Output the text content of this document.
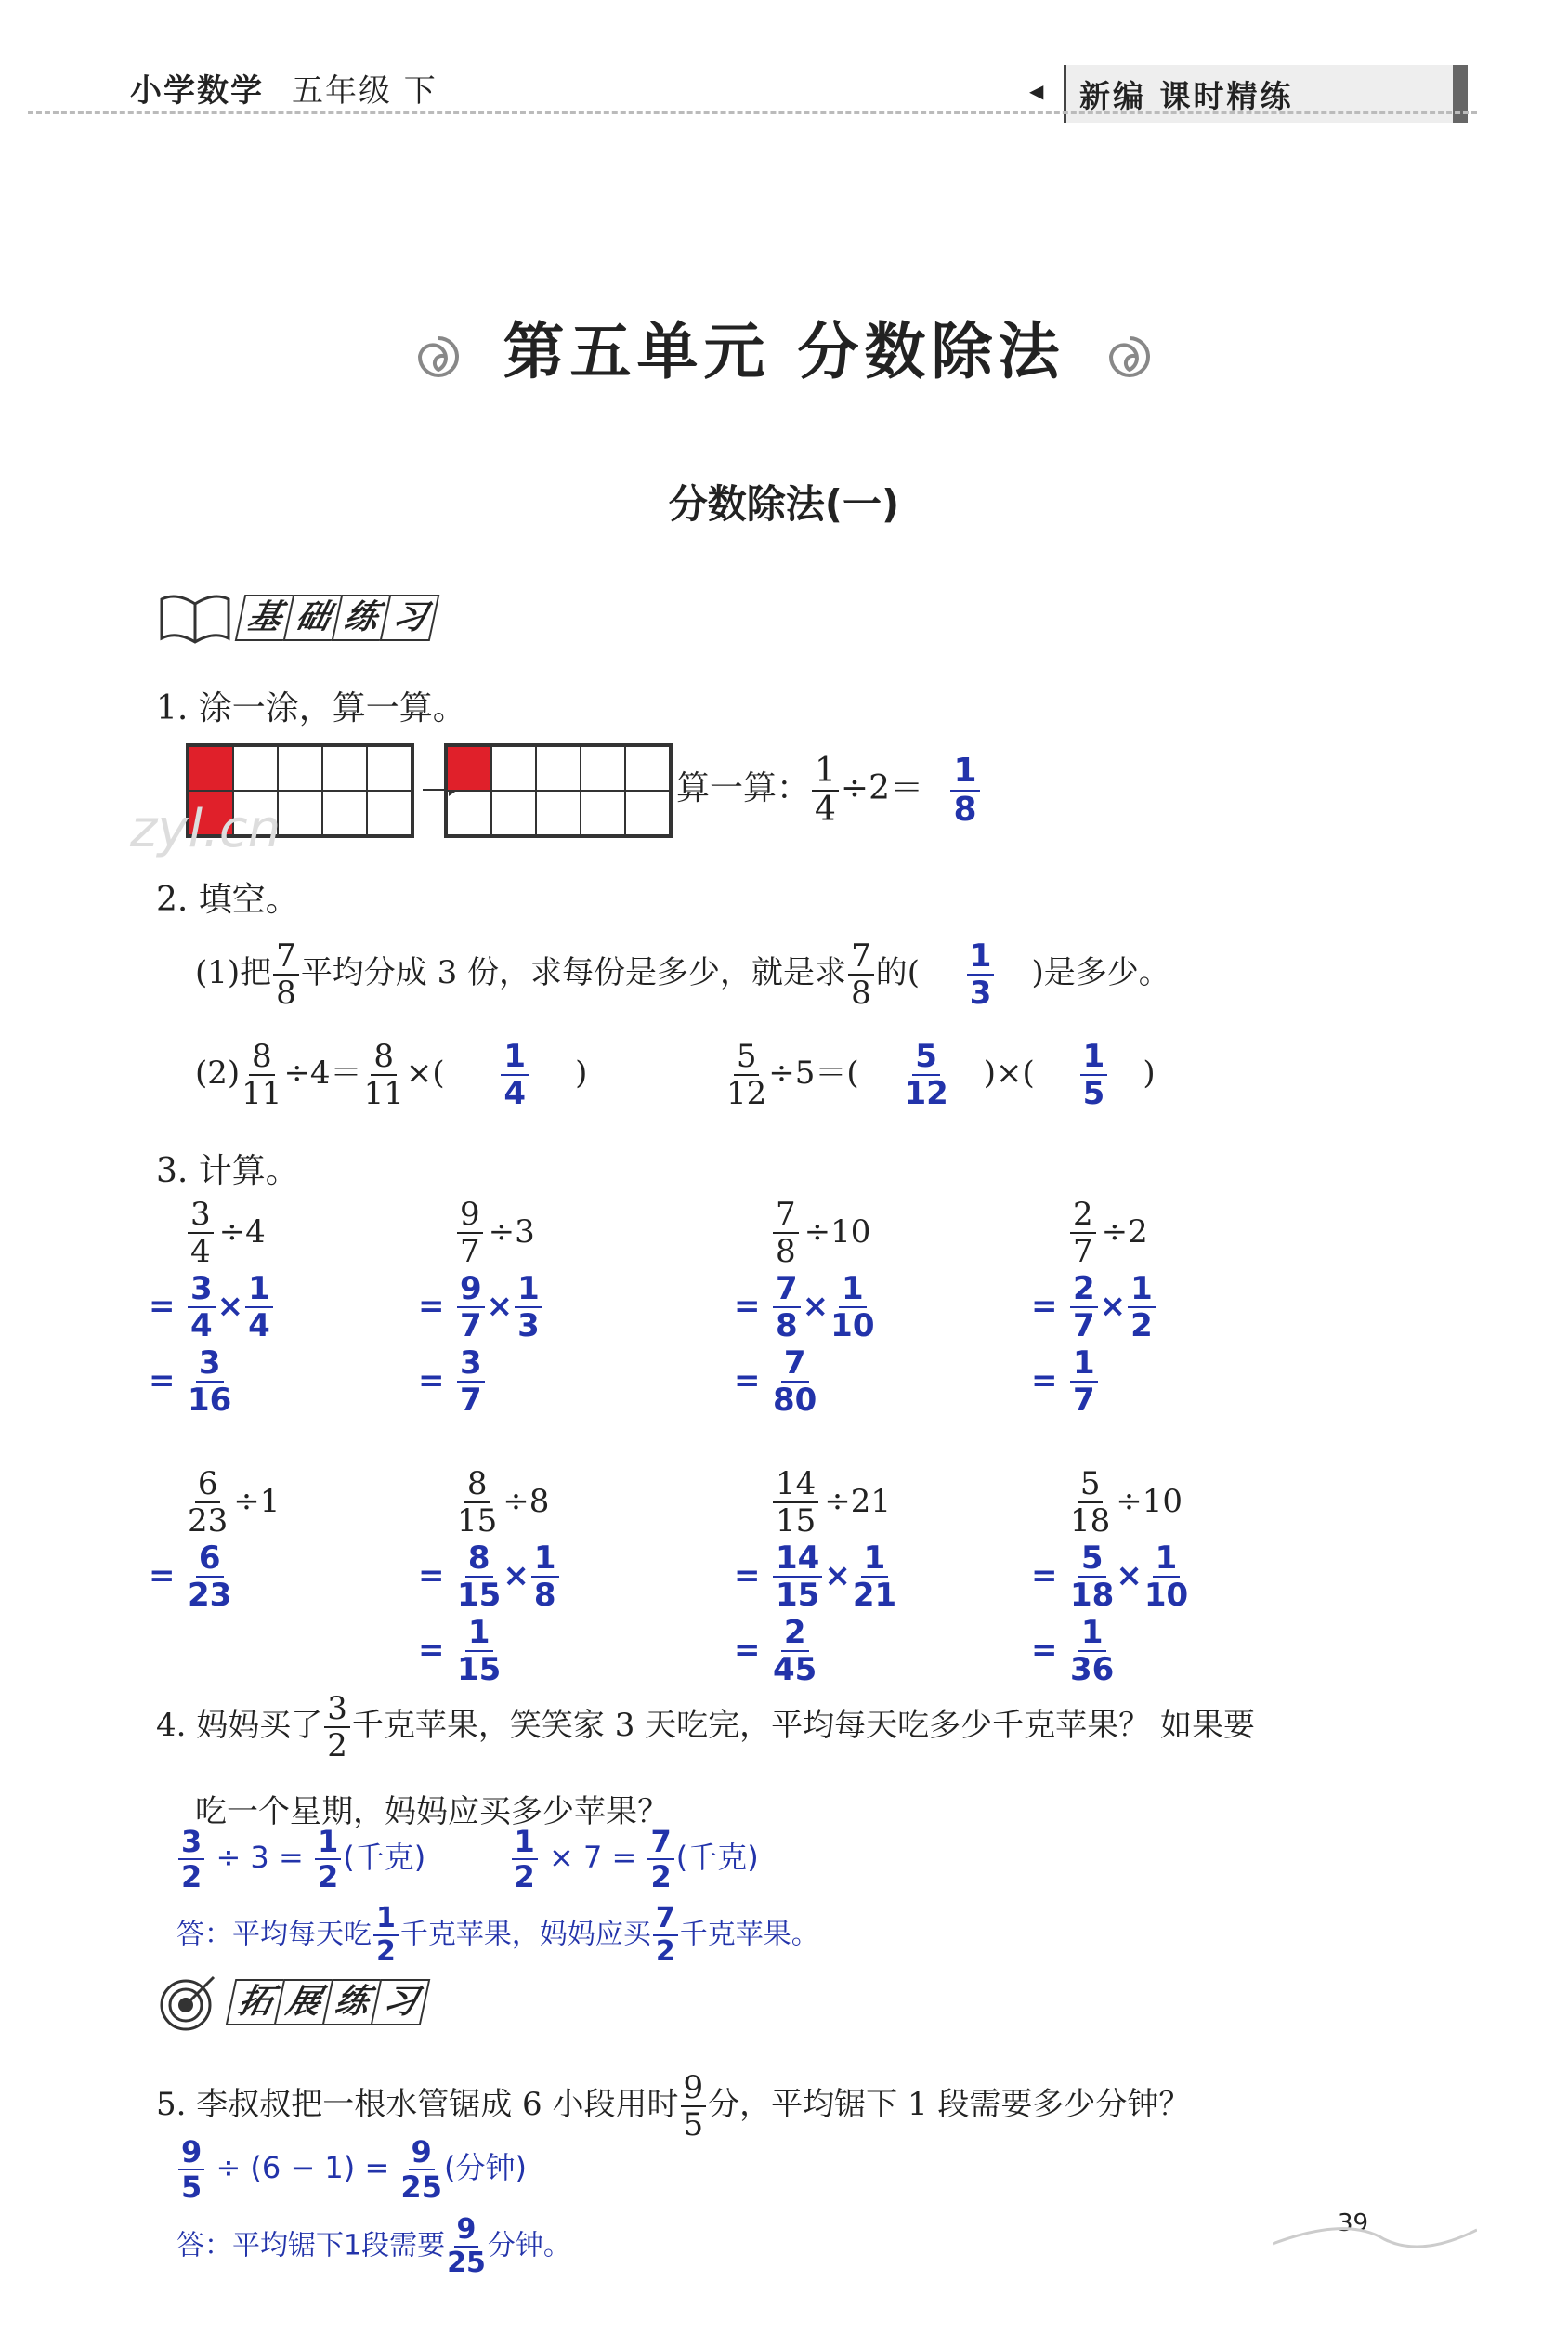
小学数学 五年级 下	◀ 新编 课时精练
第五单元 分数除法
分数除法(一)
基 础 练 习
1. 涂一涂，算一算。
算一算： $\frac{1}{4} \div 2= \frac{1}{8}$
zyl.cn
2. 填空。
(1)把 $\frac{7}{8}$ 平均分成 3 份，求每份是多少，就是求 $\frac{7}{8}$ 的( $\frac{1}{3}$ )是多少。
$(2) \frac{8}{11} \div 4= \frac{8}{11}$ ×( $\frac{1}{4}$ )	$\frac{5}{12} \div 5=( \frac{5}{12}$ )×( $\frac{1}{5}$ )
3. 计算。
$\frac{3}{4} \div 4$
= $\frac{3}{4} \times \frac{1}{4}$
= $\frac{3}{16}$
$\frac{9}{7} \div 3$
= $\frac{9}{7} \times \frac{1}{3}$
= $\frac{3}{7}$
$\frac{7}{8} \div 10$
= $\frac{7}{8} \times \frac{1}{10}$
= $\frac{7}{80}$
$\frac{2}{7} \div 2$
= $\frac{2}{7} \times \frac{1}{2}$
= $\frac{1}{7}$
$\frac{6}{23} \div 1$
= $\frac{6}{23}$
$\frac{8}{15} \div 8$
= $\frac{8}{15} \times \frac{1}{8}$
= $\frac{1}{15}$
$\frac{14}{15} \div 21$
= $\frac{14}{15} \times \frac{1}{21}$
= $\frac{2}{45}$
$\frac{5}{18} \div 10$
= $\frac{5}{18} \times \frac{1}{10}$
= $\frac{1}{36}$
4. 妈妈买了 $\frac{3}{2}$ 千克苹果，笑笑家 3 天吃完，平均每天吃多少千克苹果？ 如果要
吃一个星期，妈妈应买多少苹果？
$\frac{3}{2} \div 3 = \frac{1}{2}$ (千克)	$\frac{1}{2} \times 7 = \frac{7}{2}$ (千克)
答：平均每天吃 $\frac{1}{2}$ 千克苹果，妈妈应买 $\frac{7}{2}$ 千克苹果。
拓 展 练 习
5. 李叔叔把一根水管锯成 6 小段用时 $\frac{9}{5}$ 分，平均锯下 1 段需要多少分钟？
$\frac{9}{5} \div (6 - 1) = \frac{9}{25}$ (分钟)
答：平均锯下1段需要 $\frac{9}{25}$ 分钟。
39
